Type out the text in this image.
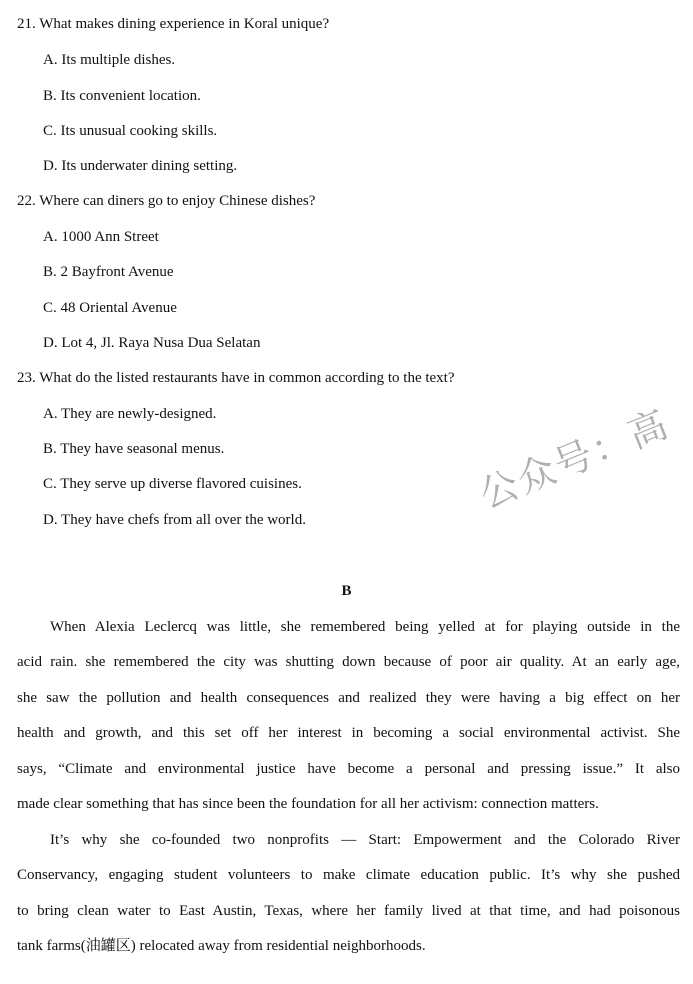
21. What makes dining experience in Koral unique?
A. Its multiple dishes.
B. Its convenient location.
C. Its unusual cooking skills.
D. Its underwater dining setting.
22. Where can diners go to enjoy Chinese dishes?
A. 1000 Ann Street
B. 2 Bayfront Avenue
C. 48 Oriental Avenue
D. Lot 4, Jl. Raya Nusa Dua Selatan
23. What do the listed restaurants have in common according to the text?
A. They are newly-designed.
B. They have seasonal menus.
C. They serve up diverse flavored cuisines.
D. They have chefs from all over the world.
公众号：高
B
When Alexia Leclercq was little, she remembered being yelled at for playing outside in the
acid rain. she remembered the city was shutting down because of poor air quality. At an early age,
she saw the pollution and health consequences and realized they were having a big effect on her
health and growth, and this set off her interest in becoming a social environmental activist. She
says, “Climate and environmental justice have become a personal and pressing issue.” It also
made clear something that has since been the foundation for all her activism: connection matters.
It’s why she co-founded two nonprofits — Start: Empowerment and the Colorado River
Conservancy, engaging student volunteers to make climate education public. It’s why she pushed
to bring clean water to East Austin, Texas, where her family lived at that time, and had poisonous
tank farms(油罐区) relocated away from residential neighborhoods.
